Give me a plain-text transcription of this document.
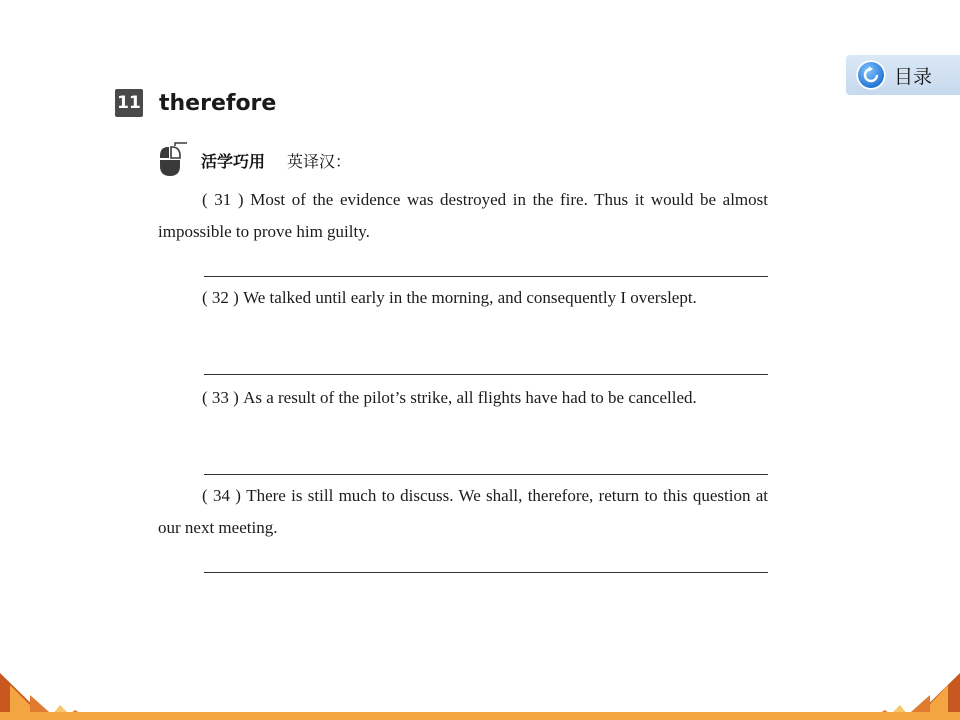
目录
11 therefore
活学巧用 英译汉：
( 31 ) Most of the evidence was destroyed in the fire. Thus it would be almost impossible to prove him guilty.
( 32 ) We talked until early in the morning, and consequently I overslept.
( 33 ) As a result of the pilot’s strike, all flights have had to be cancelled.
( 34 ) There is still much to discuss. We shall, therefore, return to this question at our next meeting.
